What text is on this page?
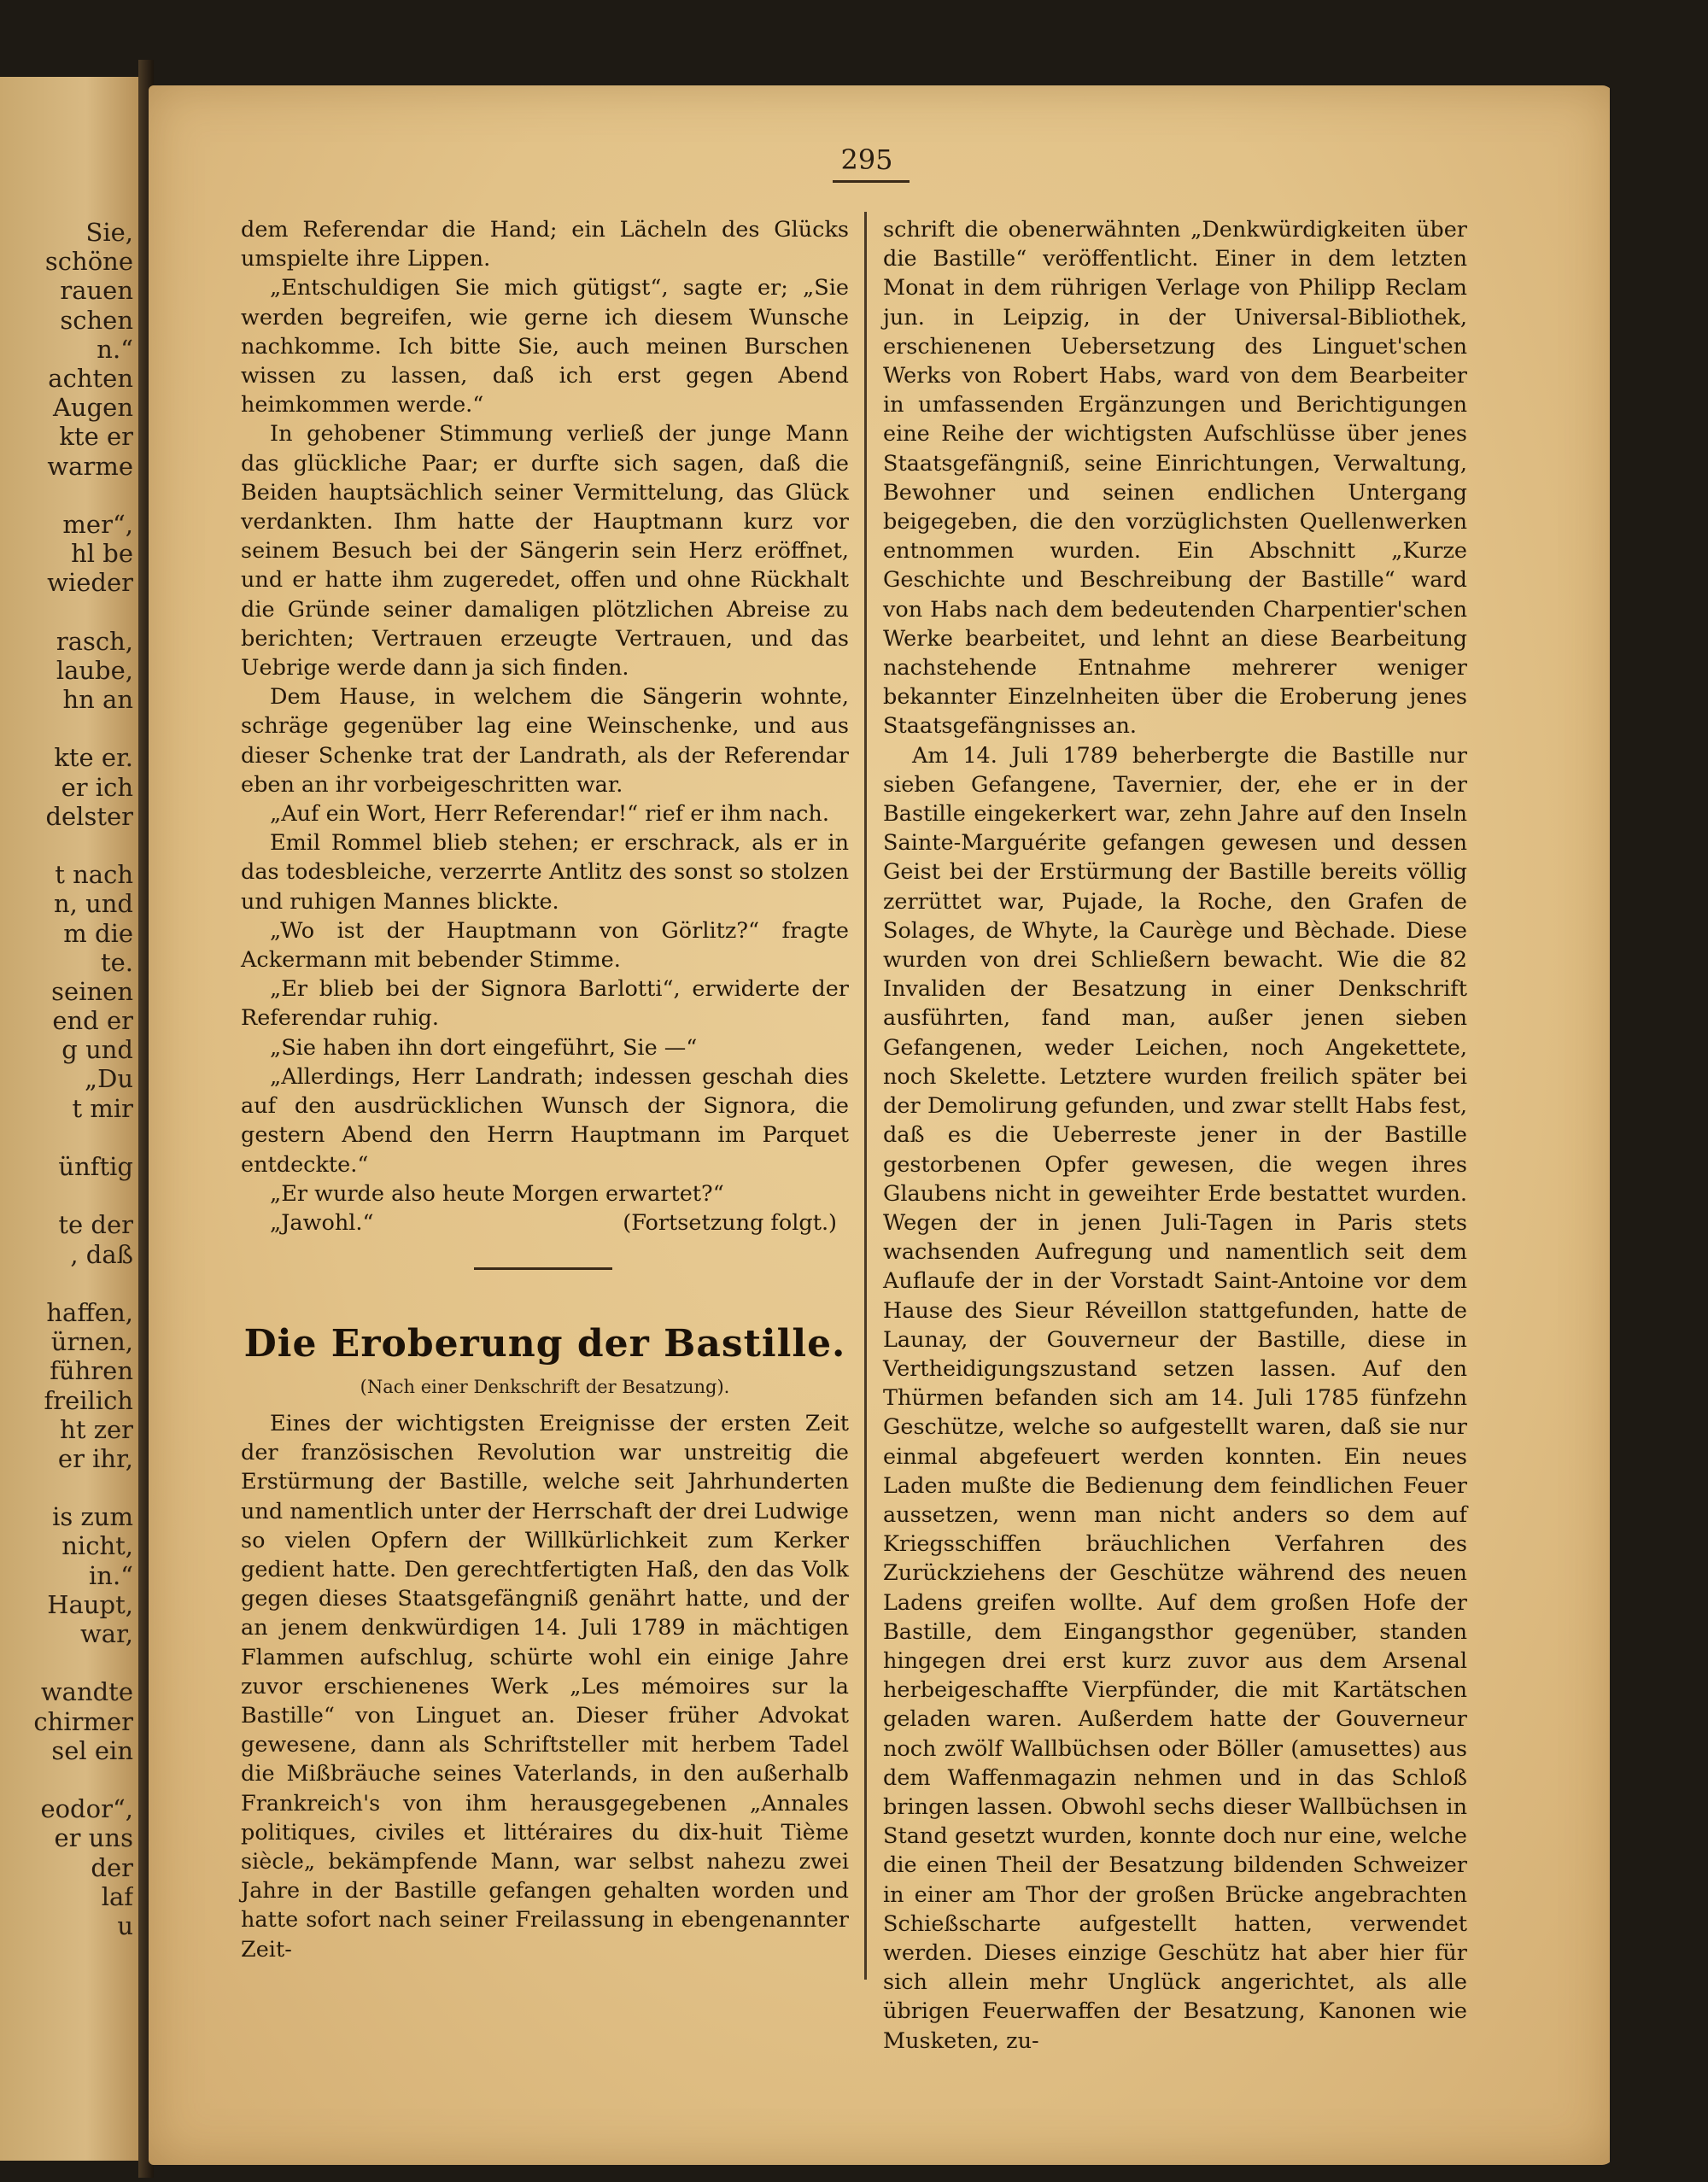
Sie,
schöne
rauen
schen
n.“
achten
Augen
kte er
warme
mer“,
hl be
wieder
rasch,
laube,
hn an
kte er.
er ich
delster
t nach
n, und
m die
te.
seinen
end er
g und
„Du
t mir
ünftig
te der
, daß
haffen,
ürnen,
führen
freilich
ht zer
er ihr,
is zum
nicht,
in.“
Haupt,
war,
wandte
chirmer
sel ein
eodor“,
er uns
der
laf
u
295

dem Referendar die Hand; ein Lächeln des Glücks umspielte ihre Lippen.

„Entschuldigen Sie mich gütigst“, sagte er; „Sie werden begreifen, wie gerne ich diesem Wunsche nachkomme. Ich bitte Sie, auch meinen Burschen wissen zu lassen, daß ich erst gegen Abend heimkommen werde.“

In gehobener Stimmung verließ der junge Mann das glückliche Paar; er durfte sich sagen, daß die Beiden hauptsächlich seiner Vermittelung, das Glück verdankten. Ihm hatte der Hauptmann kurz vor seinem Besuch bei der Sängerin sein Herz eröffnet, und er hatte ihm zugeredet, offen und ohne Rückhalt die Gründe seiner damaligen plötzlichen Abreise zu berichten; Vertrauen erzeugte Vertrauen, und das Uebrige werde dann ja sich finden.

Dem Hause, in welchem die Sängerin wohnte, schräge gegenüber lag eine Weinschenke, und aus dieser Schenke trat der Landrath, als der Referendar eben an ihr vorbeigeschritten war.

„Auf ein Wort, Herr Referendar!“ rief er ihm nach.

Emil Rommel blieb stehen; er erschrack, als er in das todesbleiche, verzerrte Antlitz des sonst so stolzen und ruhigen Mannes blickte.

„Wo ist der Hauptmann von Görlitz?“ fragte Ackermann mit bebender Stimme.

„Er blieb bei der Signora Barlotti“, erwiderte der Referendar ruhig.

„Sie haben ihn dort eingeführt, Sie —“

„Allerdings, Herr Landrath; indessen geschah dies auf den ausdrücklichen Wunsch der Signora, die gestern Abend den Herrn Hauptmann im Parquet entdeckte.“

„Er wurde also heute Morgen erwartet?“

„Jawohl.“	(Fortsetzung folgt.)
Die Eroberung der Bastille.
(Nach einer Denkschrift der Besatzung).

Eines der wichtigsten Ereignisse der ersten Zeit der französischen Revolution war unstreitig die Erstürmung der Bastille, welche seit Jahrhunderten und namentlich unter der Herrschaft der drei Ludwige so vielen Opfern der Willkürlichkeit zum Kerker gedient hatte. Den gerechtfertigten Haß, den das Volk gegen dieses Staatsgefängniß genährt hatte, und der an jenem denkwürdigen 14. Juli 1789 in mächtigen Flammen aufschlug, schürte wohl ein einige Jahre zuvor erschienenes Werk „Les mémoires sur la Bastille“ von Linguet an. Dieser früher Advokat gewesene, dann als Schriftsteller mit herbem Tadel die Mißbräuche seines Vaterlands, in den außerhalb Frankreich's von ihm herausgegebenen „Annales politiques, civiles et littéraires du dix-huit Tième siècle„ bekämpfende Mann, war selbst nahezu zwei Jahre in der Bastille gefangen gehalten worden und hatte sofort nach seiner Freilassung in ebengenannter Zeit-

schrift die obenerwähnten „Denkwürdigkeiten über die Bastille“ veröffentlicht. Einer in dem letzten Monat in dem rührigen Verlage von Philipp Reclam jun. in Leipzig, in der Universal-Bibliothek, erschienenen Uebersetzung des Linguet'schen Werks von Robert Habs, ward von dem Bearbeiter in umfassenden Ergänzungen und Berichtigungen eine Reihe der wichtigsten Aufschlüsse über jenes Staatsgefängniß, seine Einrichtungen, Verwaltung, Bewohner und seinen endlichen Untergang beigegeben, die den vorzüglichsten Quellenwerken entnommen wurden. Ein Abschnitt „Kurze Geschichte und Beschreibung der Bastille“ ward von Habs nach dem bedeutenden Charpentier'schen Werke bearbeitet, und lehnt an diese Bearbeitung nachstehende Entnahme mehrerer weniger bekannter Einzelnheiten über die Eroberung jenes Staatsgefängnisses an.

Am 14. Juli 1789 beherbergte die Bastille nur sieben Gefangene, Tavernier, der, ehe er in der Bastille eingekerkert war, zehn Jahre auf den Inseln Sainte-Marguérite gefangen gewesen und dessen Geist bei der Erstürmung der Bastille bereits völlig zerrüttet war, Pujade, la Roche, den Grafen de Solages, de Whyte, la Caurège und Bèchade. Diese wurden von drei Schließern bewacht. Wie die 82 Invaliden der Besatzung in einer Denkschrift ausführten, fand man, außer jenen sieben Gefangenen, weder Leichen, noch Angekettete, noch Skelette. Letztere wurden freilich später bei der Demolirung gefunden, und zwar stellt Habs fest, daß es die Ueberreste jener in der Bastille gestorbenen Opfer gewesen, die wegen ihres Glaubens nicht in geweihter Erde bestattet wurden. Wegen der in jenen Juli-Tagen in Paris stets wachsenden Aufregung und namentlich seit dem Auflaufe der in der Vorstadt Saint-Antoine vor dem Hause des Sieur Réveillon stattgefunden, hatte de Launay, der Gouverneur der Bastille, diese in Vertheidigungszustand setzen lassen. Auf den Thürmen befanden sich am 14. Juli 1785 fünfzehn Geschütze, welche so aufgestellt waren, daß sie nur einmal abgefeuert werden konnten. Ein neues Laden mußte die Bedienung dem feindlichen Feuer aussetzen, wenn man nicht anders so dem auf Kriegsschiffen bräuchlichen Verfahren des Zurückziehens der Geschütze während des neuen Ladens greifen wollte. Auf dem großen Hofe der Bastille, dem Eingangsthor gegenüber, standen hingegen drei erst kurz zuvor aus dem Arsenal herbeigeschaffte Vierpfünder, die mit Kartätschen geladen waren. Außerdem hatte der Gouverneur noch zwölf Wallbüchsen oder Böller (amusettes) aus dem Waffenmagazin nehmen und in das Schloß bringen lassen. Obwohl sechs dieser Wallbüchsen in Stand gesetzt wurden, konnte doch nur eine, welche die einen Theil der Besatzung bildenden Schweizer in einer am Thor der großen Brücke angebrachten Schießscharte aufgestellt hatten, verwendet werden. Dieses einzige Geschütz hat aber hier für sich allein mehr Unglück angerichtet, als alle übrigen Feuerwaffen der Besatzung, Kanonen wie Musketen, zu-
